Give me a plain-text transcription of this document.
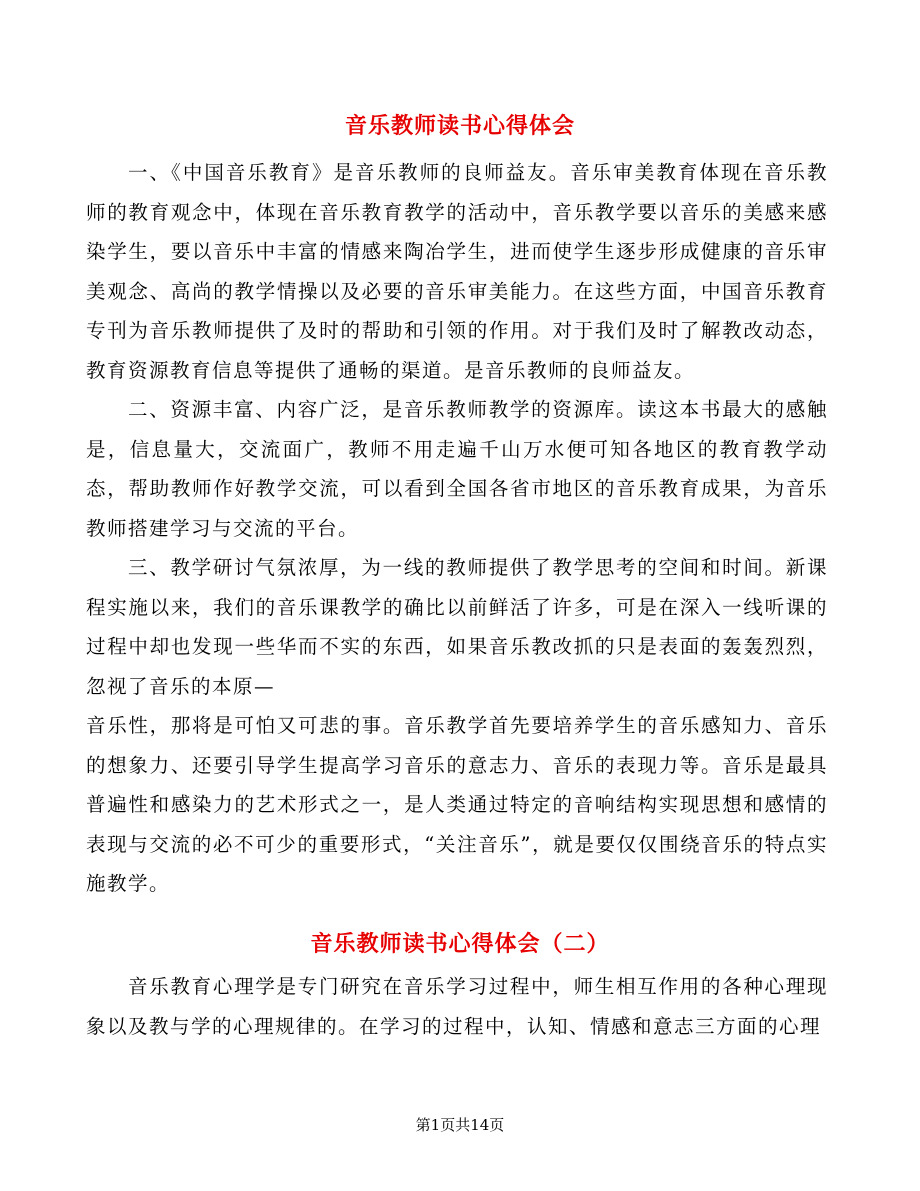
音乐教师读书心得体会

一、《中国音乐教育》是音乐教师的良师益友。音乐审美教育体现在音乐教师的教育观念中，体现在音乐教育教学的活动中，音乐教学要以音乐的美感来感染学生，要以音乐中丰富的情感来陶冶学生，进而使学生逐步形成健康的音乐审美观念、高尚的教学情操以及必要的音乐审美能力。在这些方面，中国音乐教育专刊为音乐教师提供了及时的帮助和引领的作用。对于我们及时了解教改动态，教育资源教育信息等提供了通畅的渠道。是音乐教师的良师益友。

二、资源丰富、内容广泛，是音乐教师教学的资源库。读这本书最大的感触是，信息量大，交流面广，教师不用走遍千山万水便可知各地区的教育教学动态，帮助教师作好教学交流，可以看到全国各省市地区的音乐教育成果，为音乐教师搭建学习与交流的平台。

三、教学研讨气氛浓厚，为一线的教师提供了教学思考的空间和时间。新课程实施以来，我们的音乐课教学的确比以前鲜活了许多，可是在深入一线听课的过程中却也发现一些华而不实的东西，如果音乐教改抓的只是表面的轰轰烈烈，忽视了音乐的本原—

音乐性，那将是可怕又可悲的事。音乐教学首先要培养学生的音乐感知力、音乐的想象力、还要引导学生提高学习音乐的意志力、音乐的表现力等。音乐是最具普遍性和感染力的艺术形式之一，是人类通过特定的音响结构实现思想和感情的表现与交流的必不可少的重要形式，“关注音乐”，就是要仅仅围绕音乐的特点实施教学。

音乐教师读书心得体会（二）

音乐教育心理学是专门研究在音乐学习过程中，师生相互作用的各种心理现象以及教与学的心理规律的。在学习的过程中，认知、情感和意志三方面的心理

第1页共14页
